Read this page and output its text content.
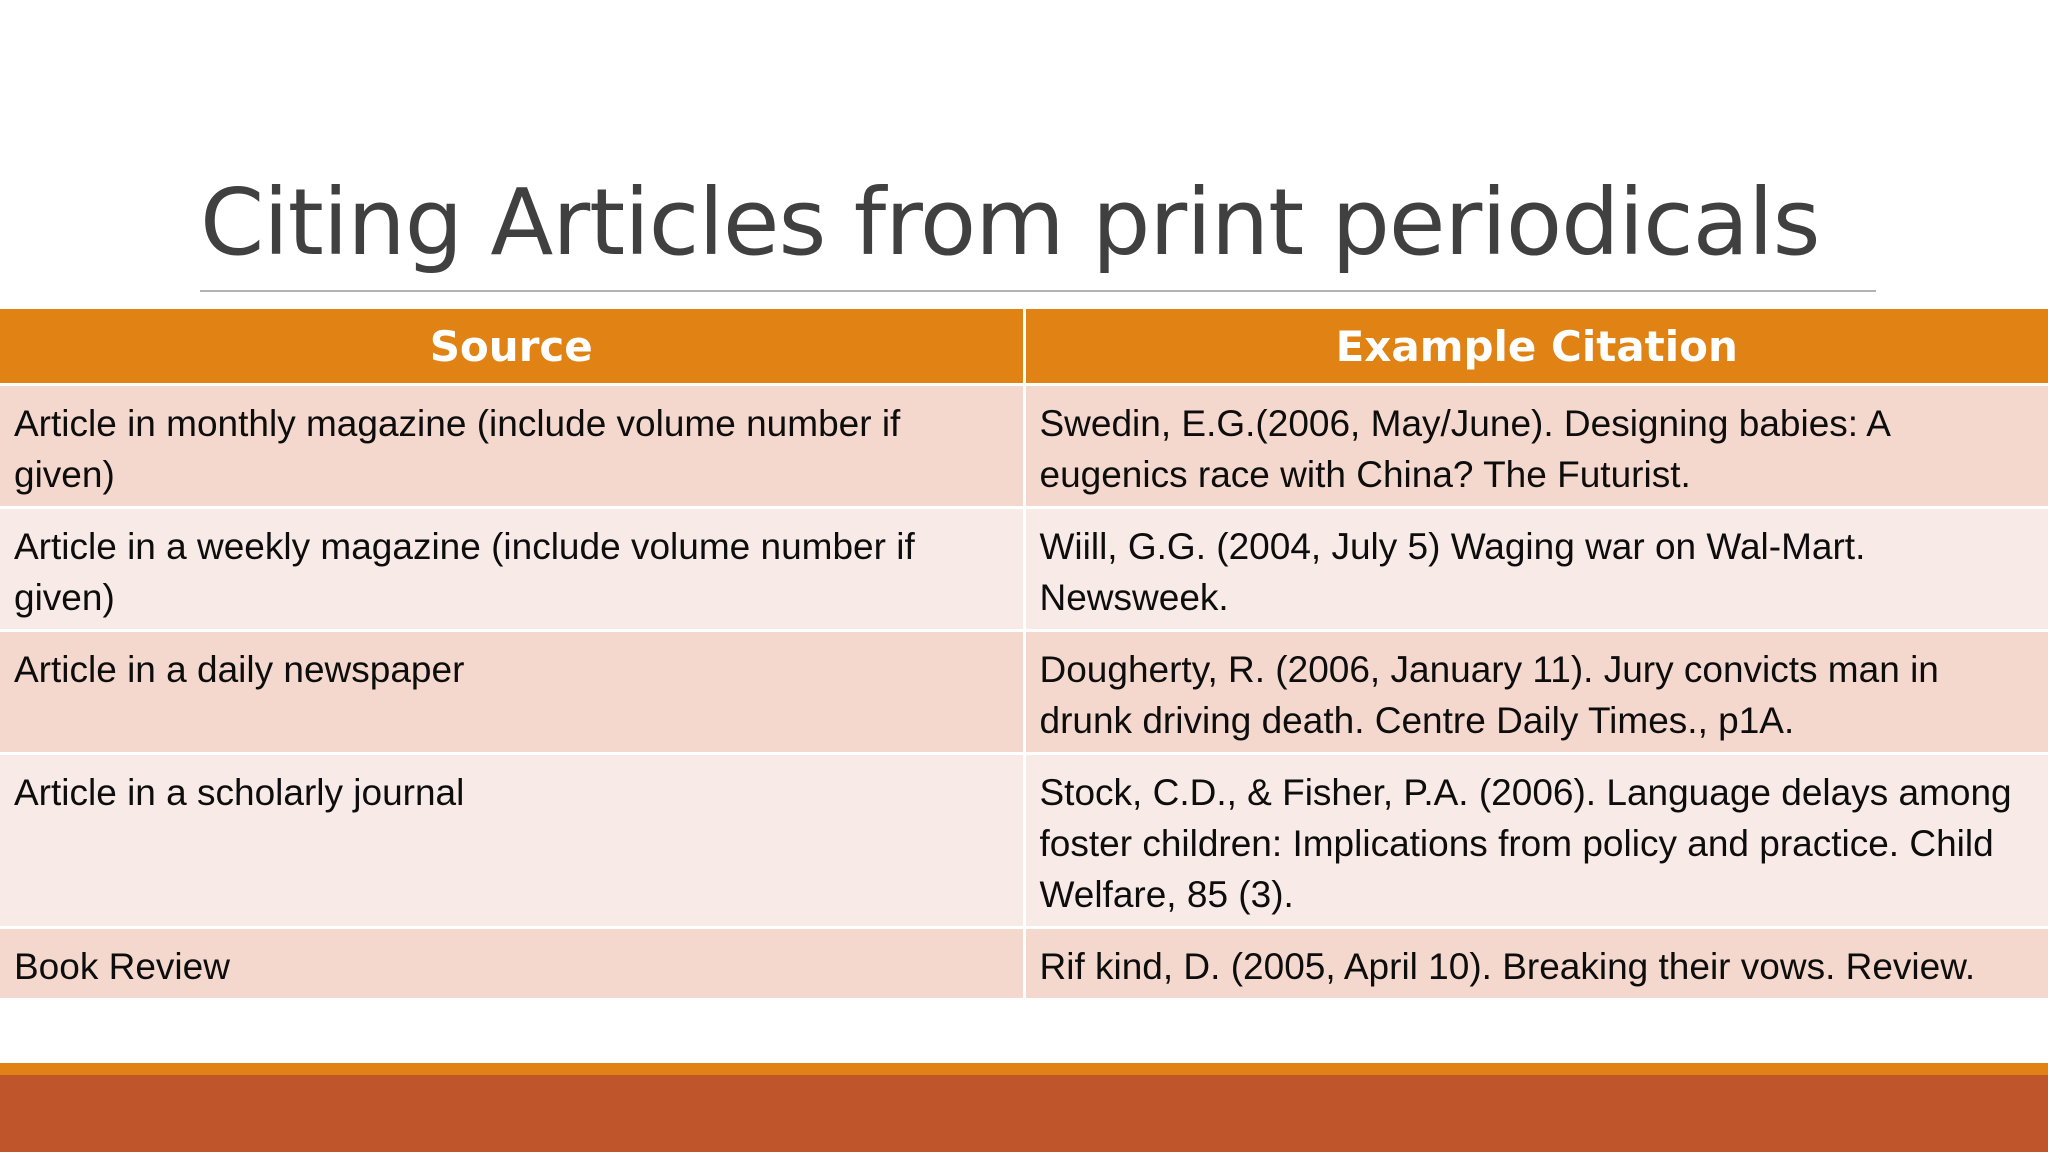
Citing Articles from print periodicals
Source	Example Citation
Article in monthly magazine (include volume number if given)	Swedin, E.G.(2006, May/June). Designing babies: A eugenics race with China? The Futurist.
Article in a weekly magazine (include volume number if given)	Wiill, G.G. (2004, July 5) Waging war on Wal-Mart. Newsweek.
Article in a daily newspaper	Dougherty, R. (2006, January 11). Jury convicts man in drunk driving death. Centre Daily Times., p1A.
Article in a scholarly journal	Stock, C.D., & Fisher, P.A. (2006). Language delays among foster children: Implications from policy and practice. Child Welfare, 85 (3).
Book Review	Rif kind, D. (2005, April 10). Breaking their vows. Review.
